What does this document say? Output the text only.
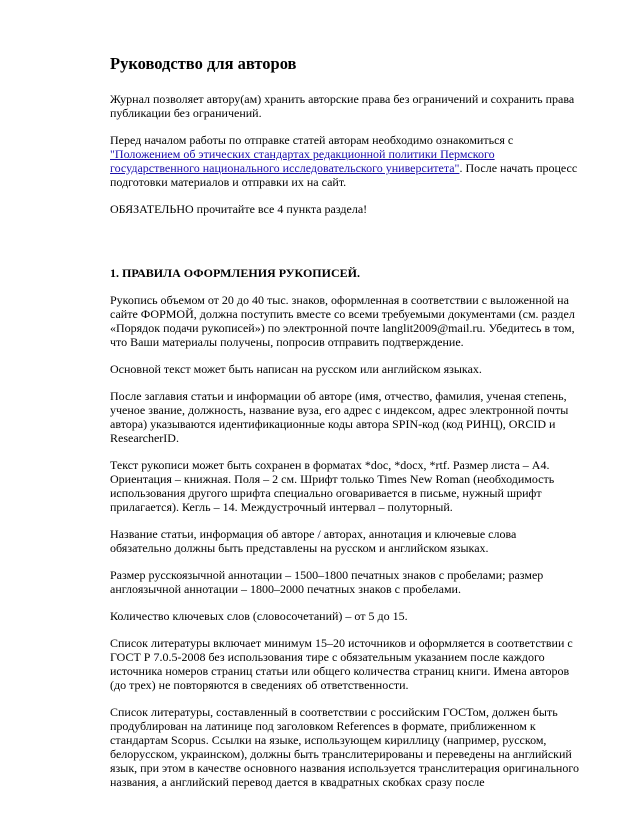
Руководство для авторов

Журнал позволяет автору(ам) хранить авторские права без ограничений и сохранить права публикации без ограничений.

Перед началом работы по отправке статей авторам необходимо ознакомиться с "Положением об этических стандартах редакционной политики Пермского государственного национального исследовательского университета". После начать процесс подготовки материалов и отправки их на сайт.

ОБЯЗАТЕЛЬНО прочитайте все 4 пункта раздела!

1. ПРАВИЛА ОФОРМЛЕНИЯ РУКОПИСЕЙ.

Рукопись объемом от 20 до 40 тыс. знаков, оформленная в соответствии с выложенной на сайте ФОРМОЙ, должна поступить вместе со всеми требуемыми документами (см. раздел «Порядок подачи рукописей») по электронной почте langlit2009@mail.ru. Убедитесь в том, что Ваши материалы получены, попросив отправить подтверждение.

Основной текст может быть написан на русском или английском языках.

После заглавия статьи и информации об авторе (имя, отчество, фамилия, ученая степень, ученое звание, должность, название вуза, его адрес с индексом, адрес электронной почты автора) указываются идентификационные коды автора SPIN-код (код РИНЦ), ORCID и ResearcherID.

Текст рукописи может быть сохранен в форматах *doc, *docx, *rtf. Размер листа – А4. Ориентация – книжная. Поля – 2 см. Шрифт только Times New Roman (необходимость использования другого шрифта специально оговаривается в письме, нужный шрифт прилагается). Кегль – 14. Междустрочный интервал – полуторный.

Название статьи, информация об авторе / авторах, аннотация и ключевые слова обязательно должны быть представлены на русском и английском языках.

Размер русскоязычной аннотации – 1500–1800 печатных знаков с пробелами; размер англоязычной аннотации – 1800–2000 печатных знаков с пробелами.

Количество ключевых слов (словосочетаний) – от 5 до 15.

Список литературы включает минимум 15–20 источников и оформляется в соответствии с ГОСТ Р 7.0.5-2008 без использования тире с обязательным указанием после каждого источника номеров страниц статьи или общего количества страниц книги. Имена авторов (до трех) не повторяются в сведениях об ответственности.

Список литературы, составленный в соответствии с российским ГОСТом, должен быть продублирован на латинице под заголовком References в формате, приближенном к стандартам Scopus. Ссылки на языке, использующем кириллицу (например, русском, белорусском, украинском), должны быть транслитерированы и переведены на английский язык, при этом в качестве основного названия используется транслитерация оригинального названия, а английский перевод дается в квадратных скобках сразу после
